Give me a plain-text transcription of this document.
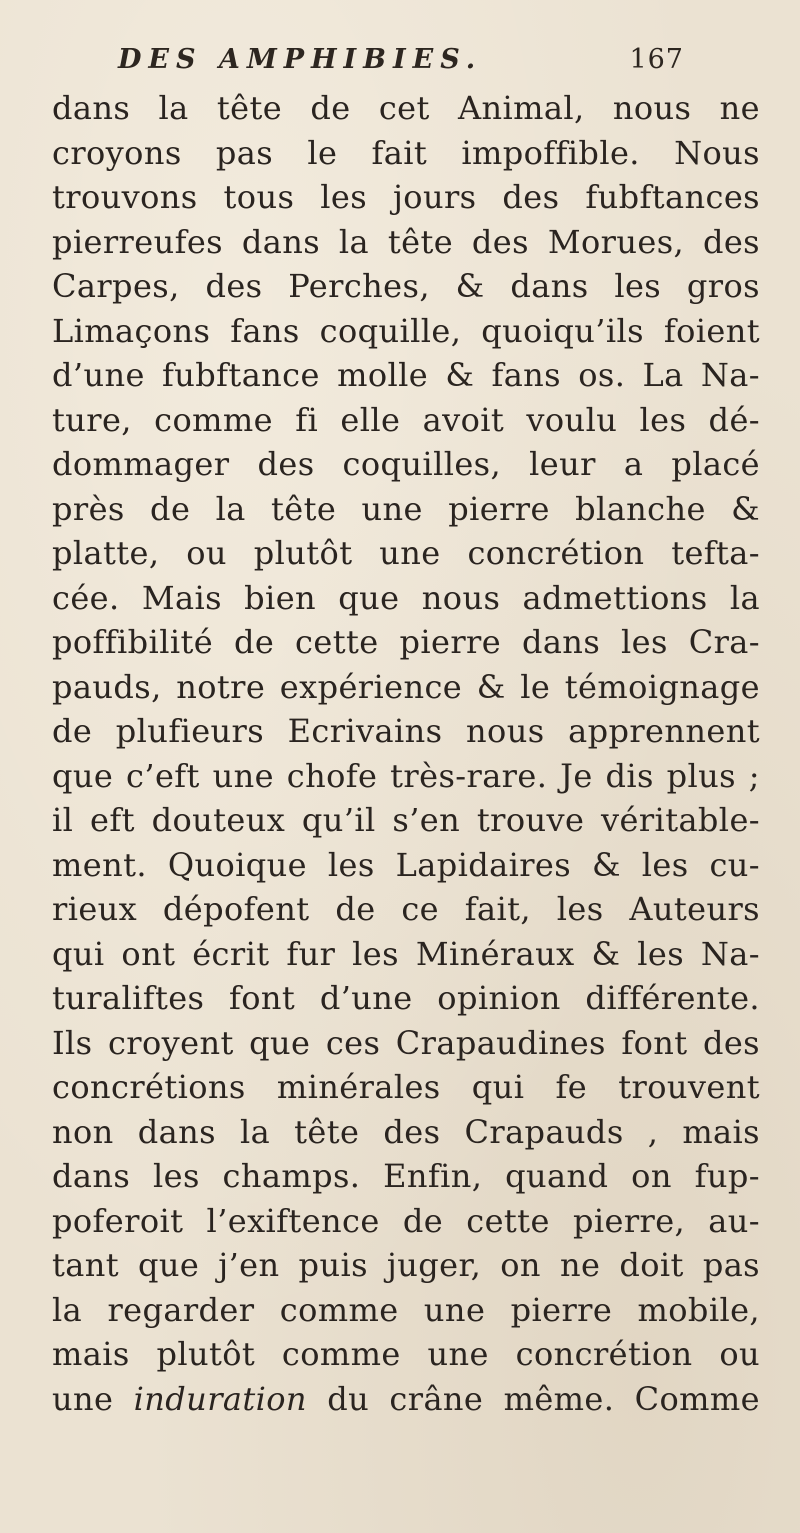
DES AMPHIBIES.	167
dans la tête de cet Animal, nous ne
croyons pas le fait impoffible. Nous
trouvons tous les jours des fubftances
pierreufes dans la tête des Morues, des
Carpes, des Perches, & dans les gros
Limaçons fans coquille, quoiqu’ils foient
d’une fubftance molle & fans os. La Na-
ture, comme fi elle avoit voulu les dé-
dommager des coquilles, leur a placé
près de la tête une pierre blanche &
platte, ou plutôt une concrétion tefta-
cée. Mais bien que nous admettions la
poffibilité de cette pierre dans les Cra-
pauds, notre expérience & le témoignage
de plufieurs Ecrivains nous apprennent
que c’eft une chofe très-rare. Je dis plus ;
il eft douteux qu’il s’en trouve véritable-
ment. Quoique les Lapidaires & les cu-
rieux dépofent de ce fait, les Auteurs
qui ont écrit fur les Minéraux & les Na-
turaliftes font d’une opinion différente.
Ils croyent que ces Crapaudines font des
concrétions minérales qui fe trouvent
non dans la tête des Crapauds , mais
dans les champs. Enfin, quand on fup-
poferoit l’exiftence de cette pierre, au-
tant que j’en puis juger, on ne doit pas
la regarder comme une pierre mobile,
mais plutôt comme une concrétion ou
une induration du crâne même. Comme
